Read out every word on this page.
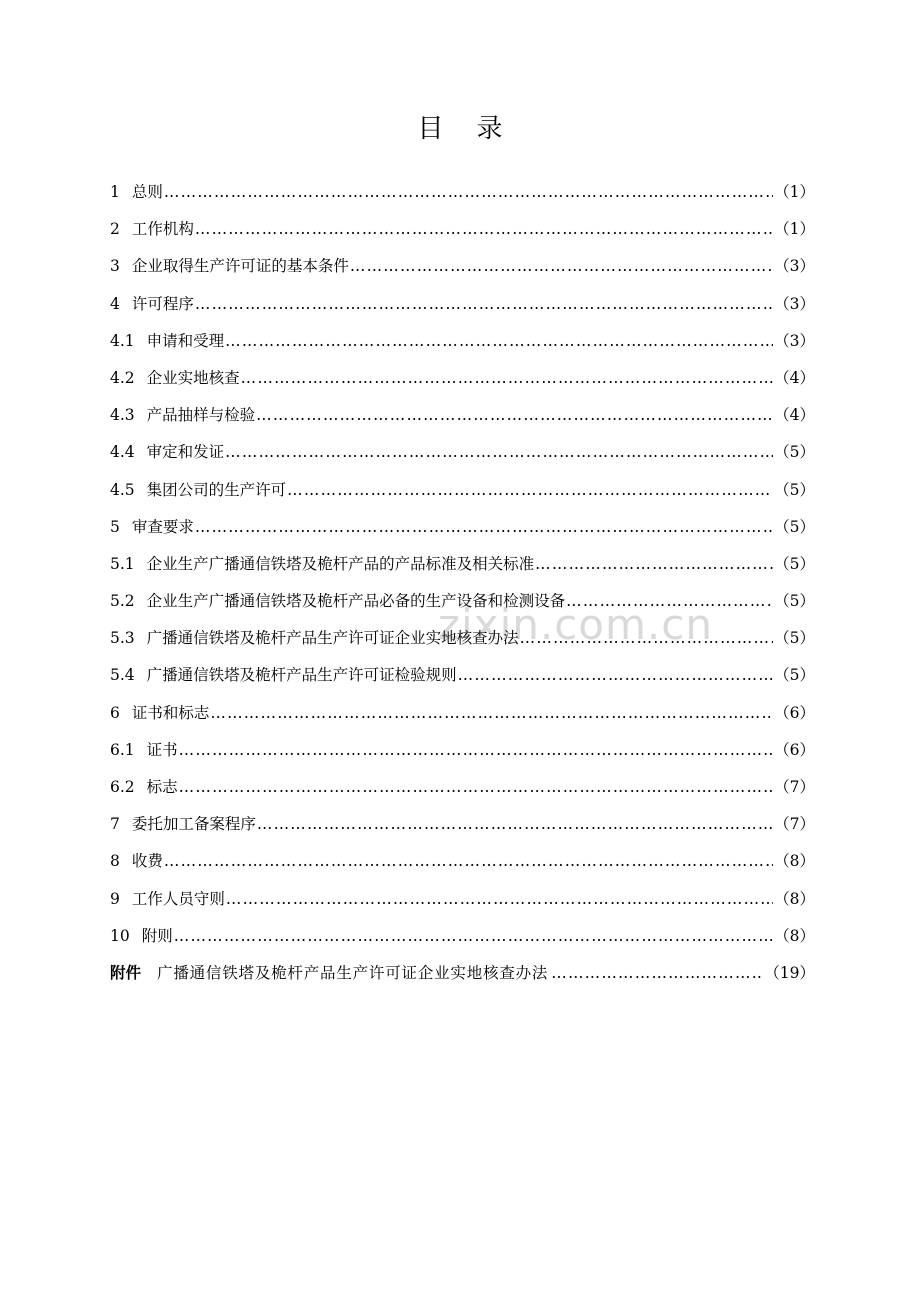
zixin.com.cn
目    录
1 总则 ………………………………………………………………………………………………………………………………………………………………………………………………………	（1）
2 工作机构 ………………………………………………………………………………………………………………………………………………………………………………………………………	（1）
3 企业取得生产许可证的基本条件 ………………………………………………………………………………………………………………………………………………………………………………………………………	（3）
4 许可程序 ………………………………………………………………………………………………………………………………………………………………………………………………………	（3）
4.1 申请和受理 ………………………………………………………………………………………………………………………………………………………………………………………………………	（3）
4.2 企业实地核查 ………………………………………………………………………………………………………………………………………………………………………………………………………	（4）
4.3 产品抽样与检验 ………………………………………………………………………………………………………………………………………………………………………………………………………	（4）
4.4 审定和发证 ………………………………………………………………………………………………………………………………………………………………………………………………………	（5）
4.5 集团公司的生产许可 ………………………………………………………………………………………………………………………………………………………………………………………………………	（5）
5 审查要求 ………………………………………………………………………………………………………………………………………………………………………………………………………	（5）
5.1 企业生产广播通信铁塔及桅杆产品的产品标准及相关标准 ………………………………………………………………………………………………………………………………………………………………………………………………………	（5）
5.2 企业生产广播通信铁塔及桅杆产品必备的生产设备和检测设备 ………………………………………………………………………………………………………………………………………………………………………………………………………	（5）
5.3 广播通信铁塔及桅杆产品生产许可证企业实地核查办法 ………………………………………………………………………………………………………………………………………………………………………………………………………	（5）
5.4 广播通信铁塔及桅杆产品生产许可证检验规则 ………………………………………………………………………………………………………………………………………………………………………………………………………	（5）
6 证书和标志 ………………………………………………………………………………………………………………………………………………………………………………………………………	（6）
6.1 证书 ………………………………………………………………………………………………………………………………………………………………………………………………………	（6）
6.2 标志 ………………………………………………………………………………………………………………………………………………………………………………………………………	（7）
7 委托加工备案程序 ………………………………………………………………………………………………………………………………………………………………………………………………………	（7）
8 收费 ………………………………………………………………………………………………………………………………………………………………………………………………………	（8）
9 工作人员守则 ………………………………………………………………………………………………………………………………………………………………………………………………………	（8）
10 附则 ………………………………………………………………………………………………………………………………………………………………………………………………………	（8）
附件 广播通信铁塔及桅杆产品生产许可证企业实地核查办法 ………………………………………………………………………………………………………………………………………………………………………………………………………	（19）
